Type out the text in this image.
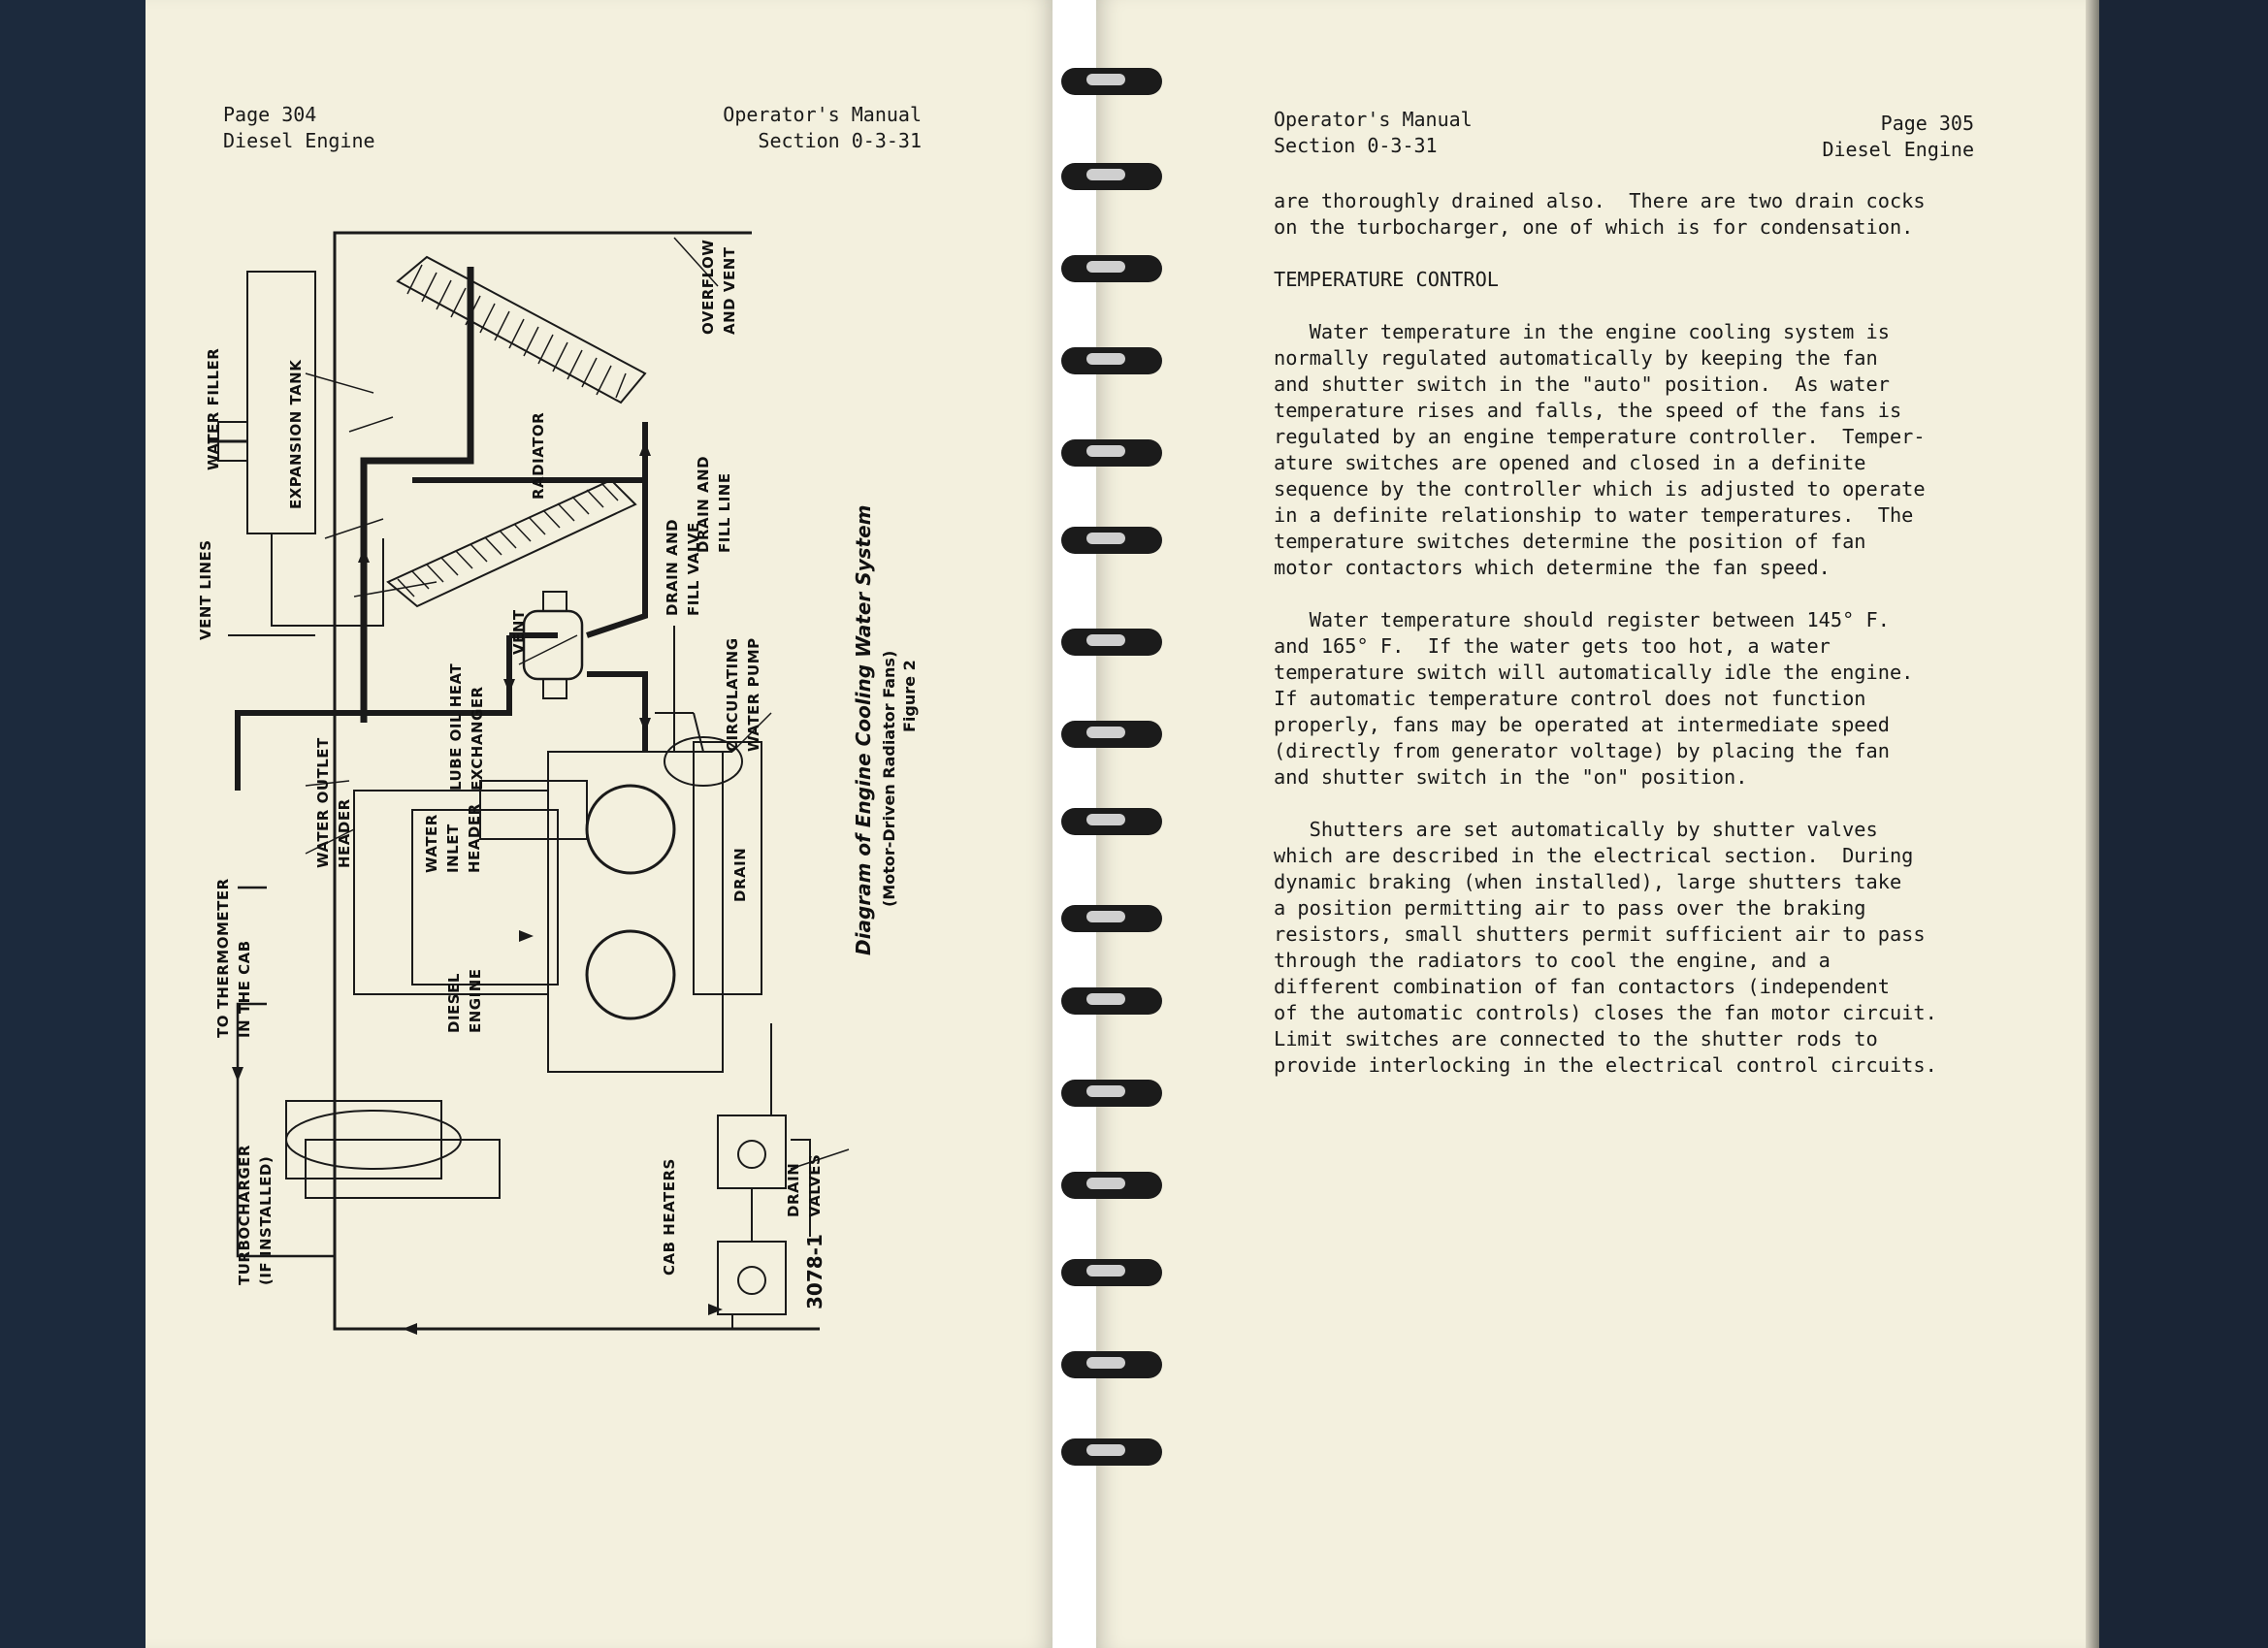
Page 304
Diesel Engine
Operator's Manual
Section 0-3-31
WATER FILLER	EXPANSION TANK
OVERFLOW AND VENT
RADIATOR
VENT LINES
LUBE OIL HEAT EXCHANGER
VENT
DRAIN AND FILL VALVE
DRAIN AND FILL LINE
WATER OUTLET HEADER	WATER INLET HEADER
CIRCULATING WATER PUMP
DRAIN
TO THERMOMETER IN THE CAB	DIESEL ENGINE
DRAIN VALVES
CAB HEATERS
TURBOCHARGER (IF INSTALLED)
Diagram of Engine Cooling Water System (Motor-Driven Radiator Fans) Figure 2
3078-1
Operator's Manual
Section 0-3-31
Page 305
Diesel Engine

are thoroughly drained also.  There are two drain cocks

on the turbocharger, one of which is for condensation.

TEMPERATURE CONTROL

Water temperature in the engine cooling system is

normally regulated automatically by keeping the fan

and shutter switch in the "auto" position.  As water

temperature rises and falls, the speed of the fans is

regulated by an engine temperature controller.  Temper-

ature switches are opened and closed in a definite

sequence by the controller which is adjusted to operate

in a definite relationship to water temperatures.  The

temperature switches determine the position of fan

motor contactors which determine the fan speed.

Water temperature should register between 145° F.

and 165° F.  If the water gets too hot, a water

temperature switch will automatically idle the engine.

If automatic temperature control does not function

properly, fans may be operated at intermediate speed

(directly from generator voltage) by placing the fan

and shutter switch in the "on" position.

Shutters are set automatically by shutter valves

which are described in the electrical section.  During

dynamic braking (when installed), large shutters take

a position permitting air to pass over the braking

resistors, small shutters permit sufficient air to pass

through the radiators to cool the engine, and a

different combination of fan contactors (independent

of the automatic controls) closes the fan motor circuit.

Limit switches are connected to the shutter rods to

provide interlocking in the electrical control circuits.
